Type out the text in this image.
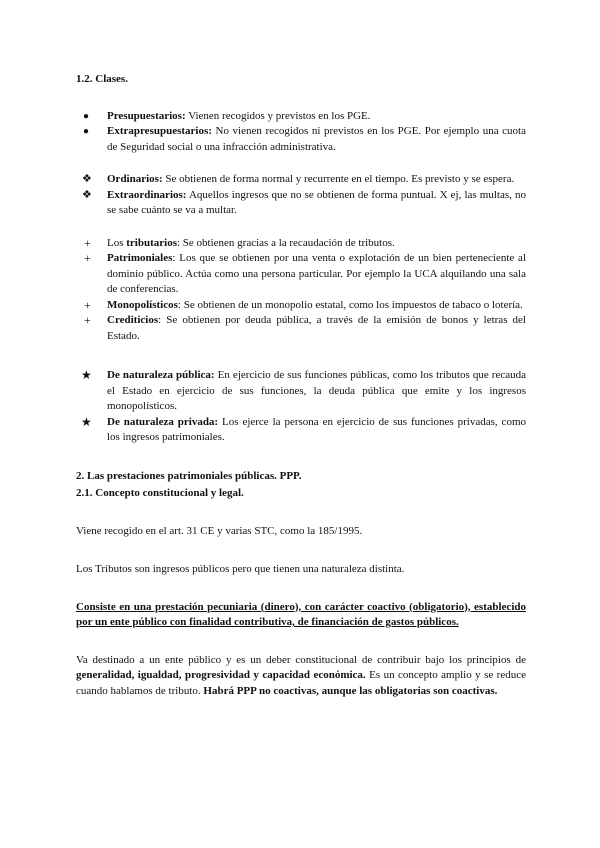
1.2. Clases.

●	Presupuestarios: Vienen recogidos y previstos en los PGE.
●	Extrapresupuestarios: No vienen recogidos ni previstos en los PGE. Por ejemplo una cuota de Seguridad social o una infracción administrativa.
❖	Ordinarios: Se obtienen de forma normal y recurrente en el tiempo. Es previsto y se espera.
❖	Extraordinarios: Aquellos ingresos que no se obtienen de forma puntual. X ej, las multas, no se sabe cuánto se va a multar.
+	Los tributarios: Se obtienen gracias a la recaudación de tributos.
+	Patrimoniales: Los que se obtienen por una venta o explotación de un bien perteneciente al dominio público. Actúa como una persona particular. Por ejemplo la UCA alquilando una sala de conferencias.
+	Monopolísticos: Se obtienen de un monopolio estatal, como los impuestos de tabaco o lotería.
+	Crediticios: Se obtienen por deuda pública, a través de la emisión de bonos y letras del Estado.
★	De naturaleza pública: En ejercicio de sus funciones públicas, como los tributos que recauda el Estado en ejercicio de sus funciones, la deuda pública que emite y los ingresos monopolísticos.
★	De naturaleza privada: Los ejerce la persona en ejercicio de sus funciones privadas, como los ingresos patrimoniales.

2. Las prestaciones patrimoniales públicas. PPP.

2.1. Concepto constitucional y legal.

Viene recogido en el art. 31 CE y varias STC, como la 185/1995.

Los Tributos son ingresos públicos pero que tienen una naturaleza distinta.

Consiste en una prestación pecuniaria (dinero), con carácter coactivo (obligatorio), establecido por un ente público con finalidad contributiva, de financiación de gastos públicos.

Va destinado a un ente público y es un deber constitucional de contribuir bajo los principios de generalidad, igualdad, progresividad y capacidad económica. Es un concepto amplio y se reduce cuando hablamos de tributo. Habrá PPP no coactivas, aunque las obligatorias son coactivas.
